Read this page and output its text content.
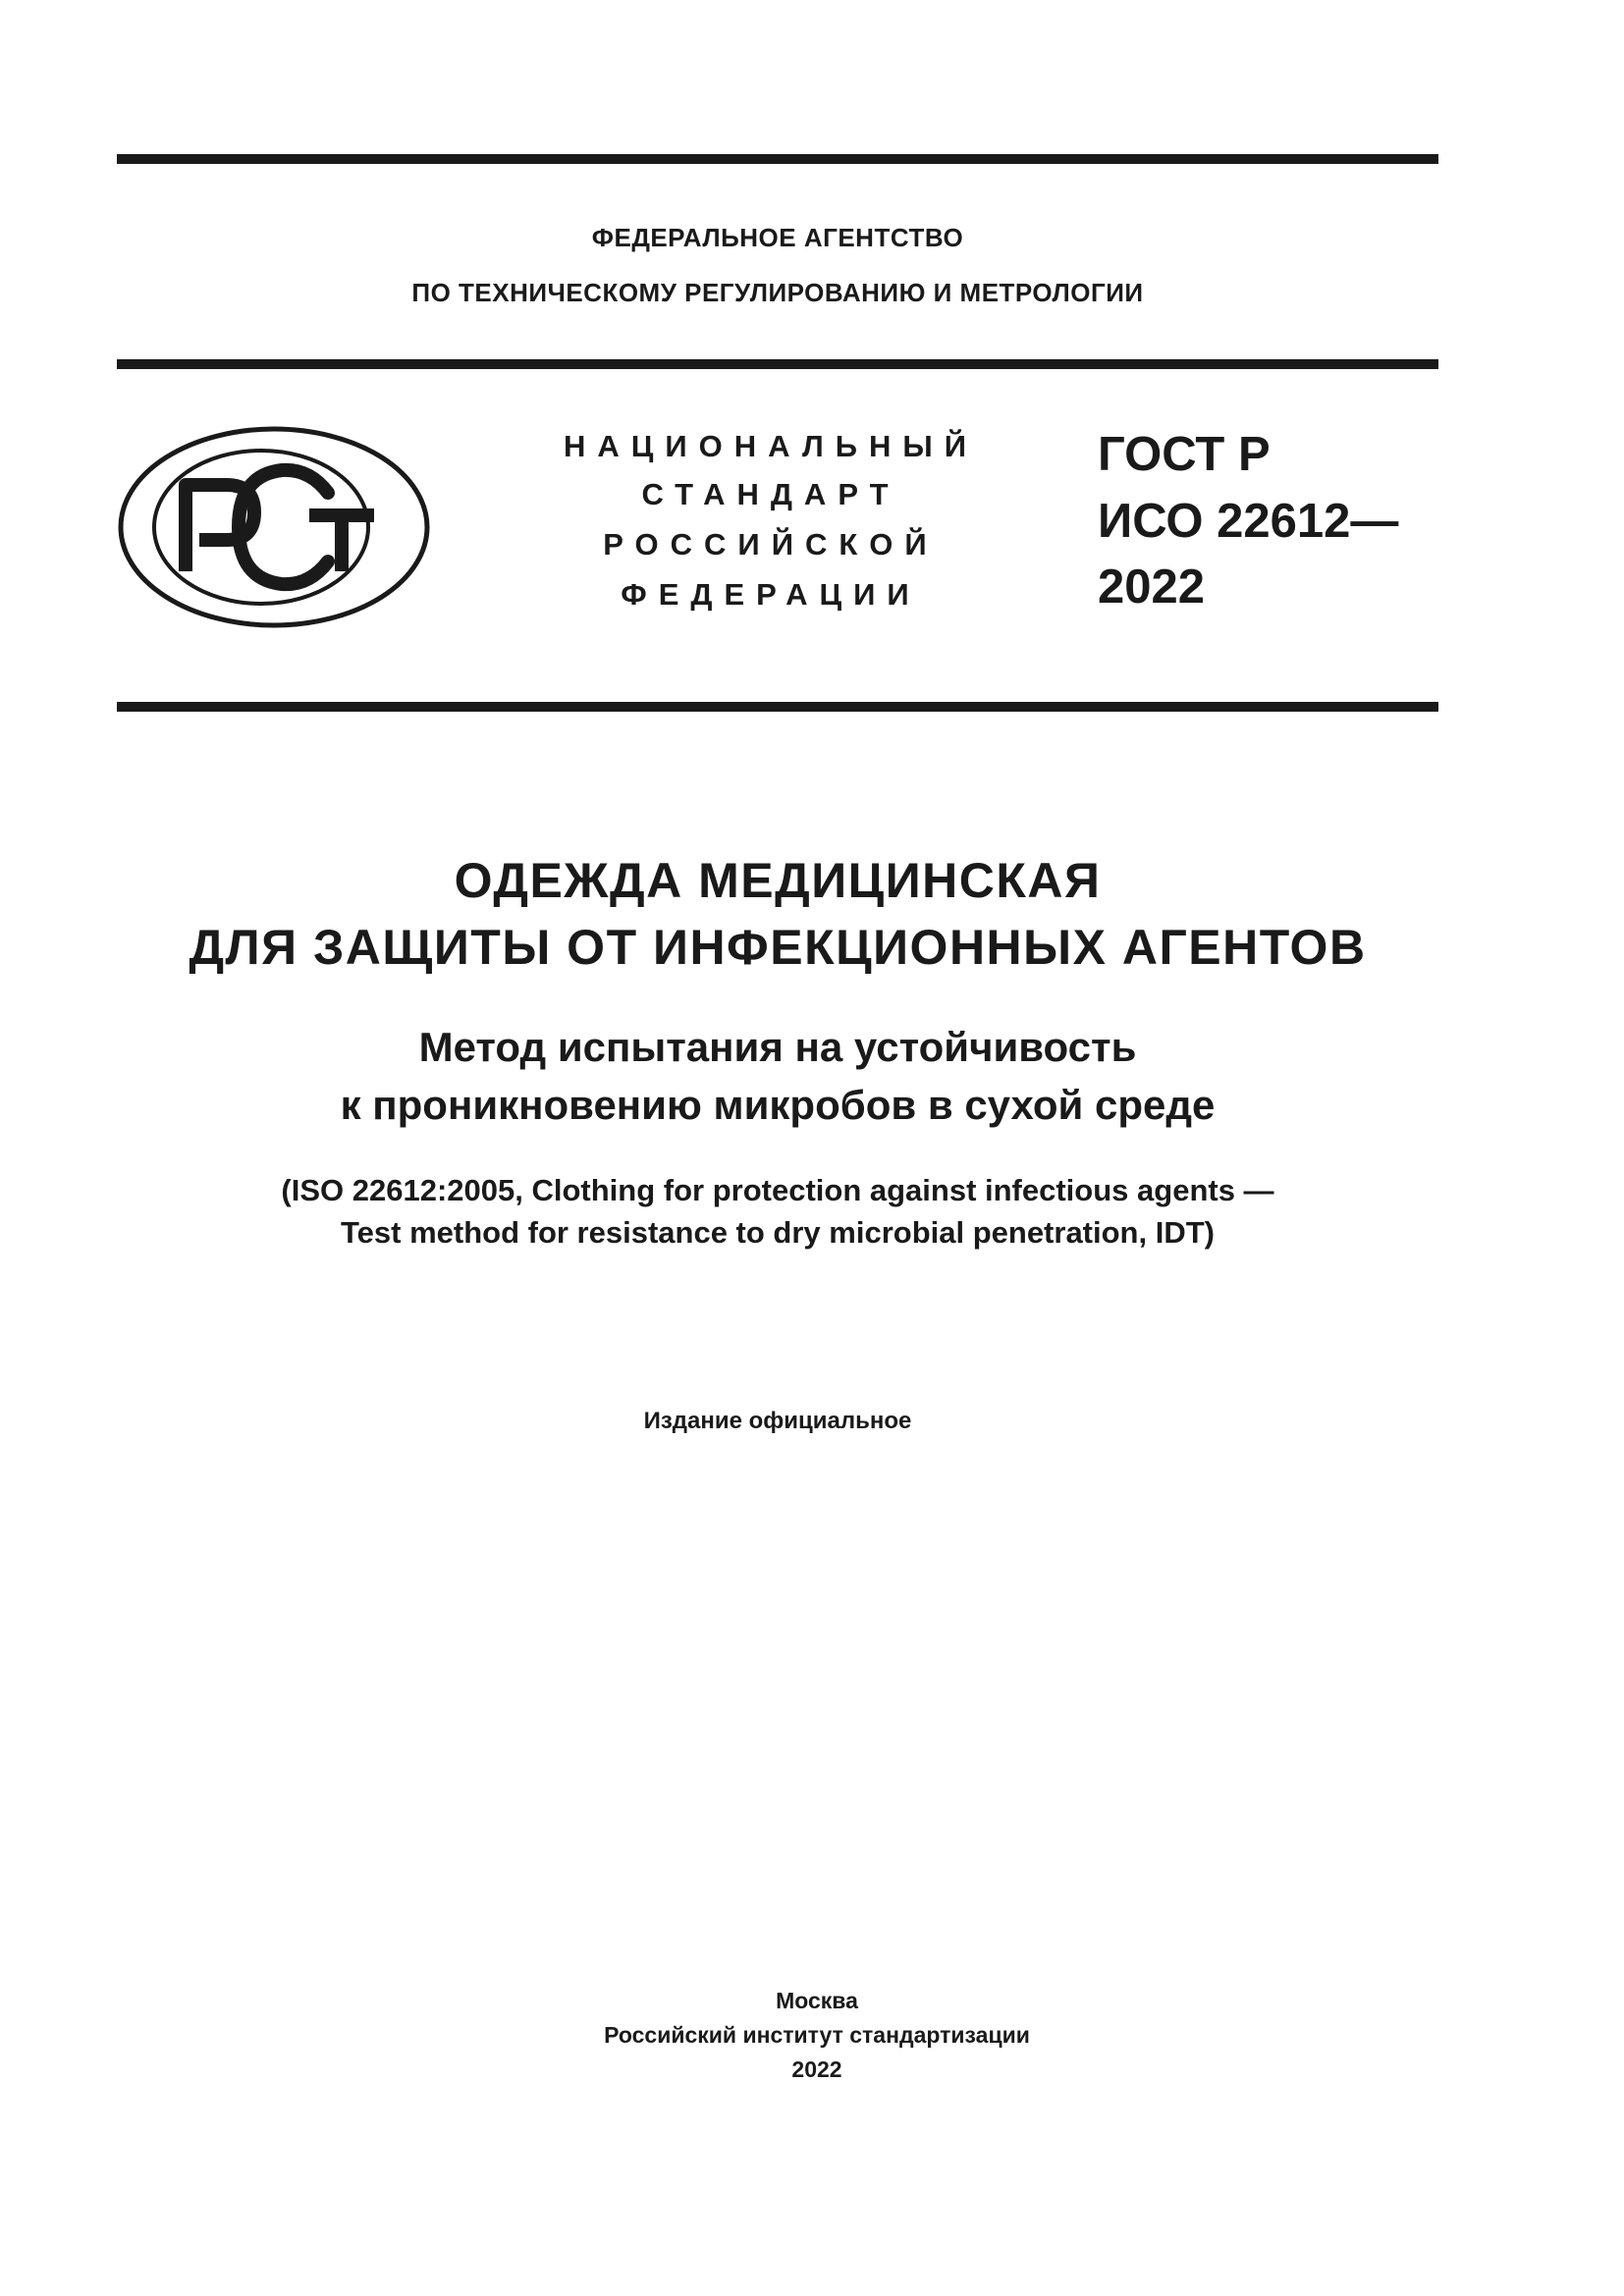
ФЕДЕРАЛЬНОЕ АГЕНТСТВО
ПО ТЕХНИЧЕСКОМУ РЕГУЛИРОВАНИЮ И МЕТРОЛОГИИ
НАЦИОНАЛЬНЫЙ
СТАНДАРТ
РОССИЙСКОЙ
ФЕДЕРАЦИИ
ГОСТ Р
ИСО 22612—
2022
ОДЕЖДА МЕДИЦИНСКАЯ
ДЛЯ ЗАЩИТЫ ОТ ИНФЕКЦИОННЫХ АГЕНТОВ
Метод испытания на устойчивость
к проникновению микробов в сухой среде
(ISO 22612:2005, Clothing for protection against infectious agents —
Test method for resistance to dry microbial penetration, IDT)
Издание официальное
Москва
Российский институт стандартизации
2022
